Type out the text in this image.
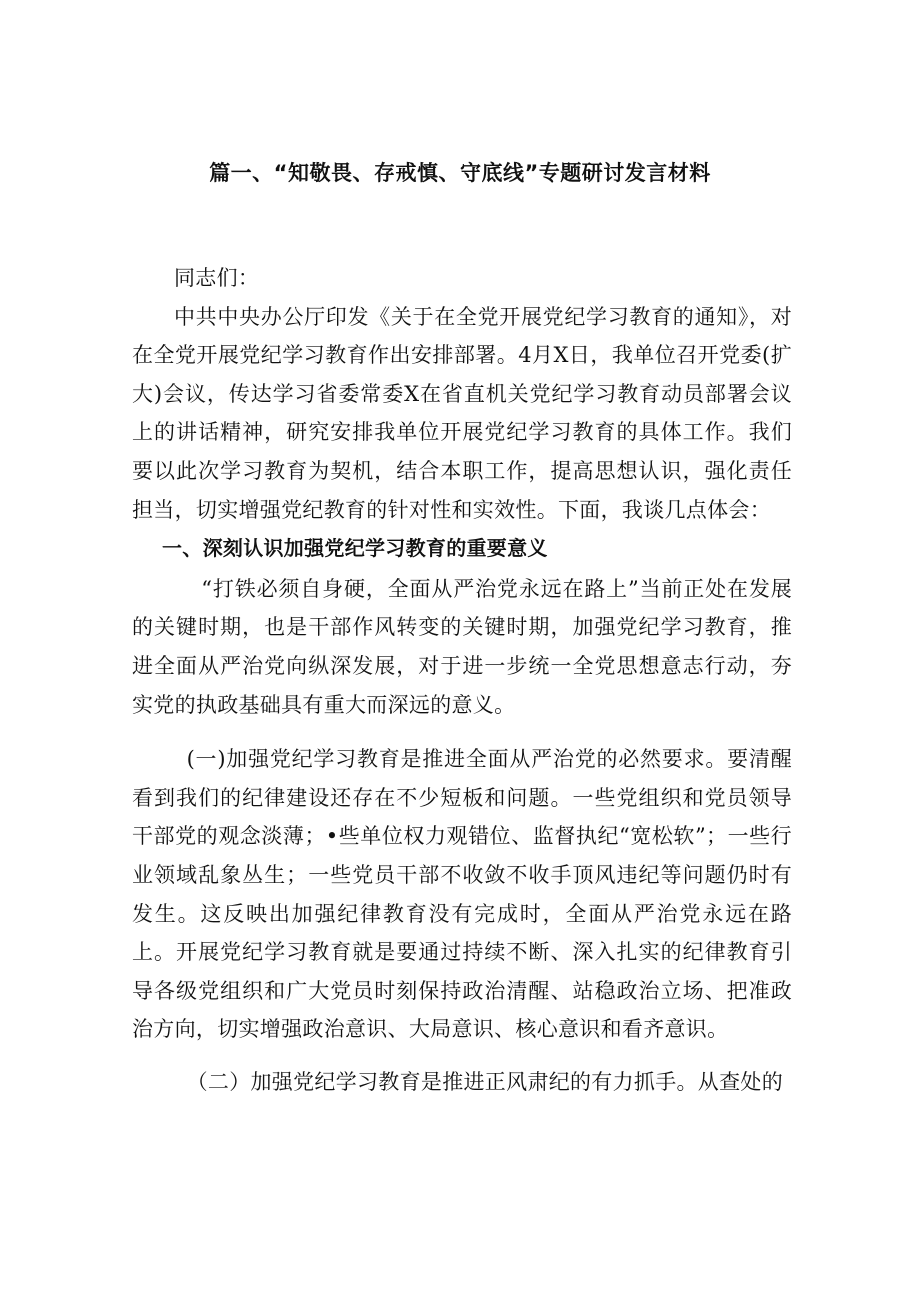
篇一、“知敬畏、存戒慎、守底线”专题研讨发言材料

同志们：

中共中央办公厅印发《关于在全党开展党纪学习教育的通知》，对在全党开展党纪学习教育作出安排部署。4月X日，我单位召开党委(扩大)会议，传达学习省委常委X在省直机关党纪学习教育动员部署会议上的讲话精神，研究安排我单位开展党纪学习教育的具体工作。我们要以此次学习教育为契机，结合本职工作，提高思想认识，强化责任担当，切实增强党纪教育的针对性和实效性。下面，我谈几点体会：

一、深刻认识加强党纪学习教育的重要意义

“打铁必须自身硬，全面从严治党永远在路上”当前正处在发展的关键时期，也是干部作风转变的关键时期，加强党纪学习教育，推进全面从严治党向纵深发展，对于进一步统一全党思想意志行动，夯实党的执政基础具有重大而深远的意义。

(一)加强党纪学习教育是推进全面从严治党的必然要求。要清醒看到我们的纪律建设还存在不少短板和问题。一些党组织和党员领导干部党的观念淡薄；•些单位权力观错位、监督执纪“宽松软”；一些行业领域乱象丛生；一些党员干部不收敛不收手顶风违纪等问题仍时有发生。这反映出加强纪律教育没有完成时，全面从严治党永远在路上。开展党纪学习教育就是要通过持续不断、深入扎实的纪律教育引导各级党组织和广大党员时刻保持政治清醒、站稳政治立场、把准政治方向，切实增强政治意识、大局意识、核心意识和看齐意识。

（二）加强党纪学习教育是推进正风肃纪的有力抓手。从查处的
